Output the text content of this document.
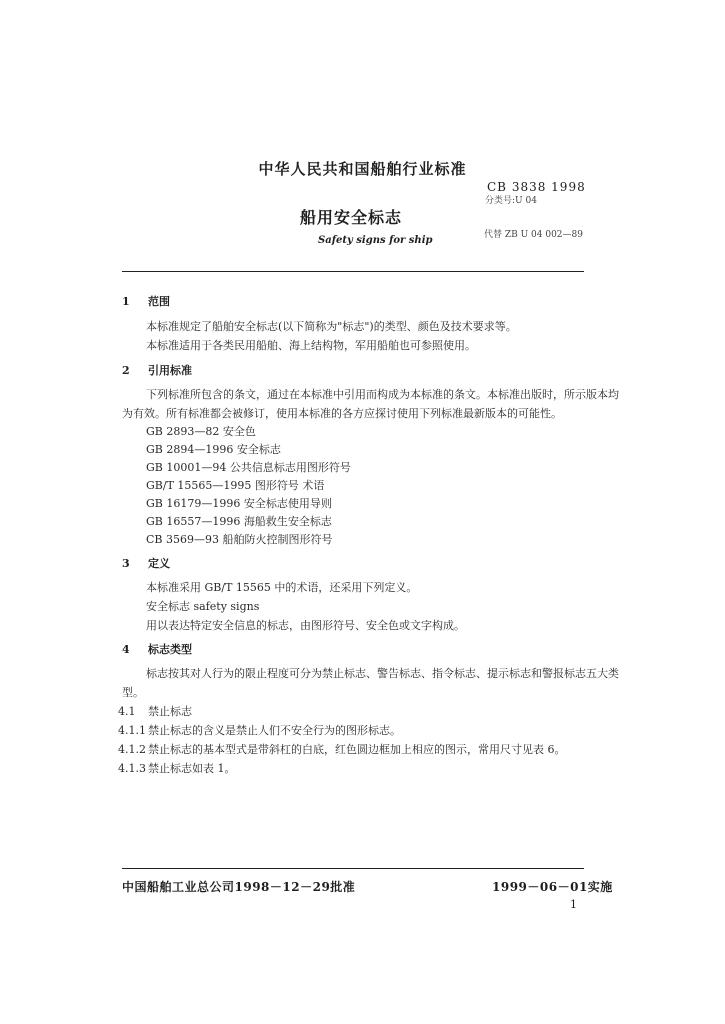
中华人民共和国船舶行业标准
CB 3838 1998
分类号:U 04
船用安全标志
代替 ZB U 04 002—89
Safety signs for ship
1 范围
本标准规定了船舶安全标志(以下简称为"标志")的类型、颜色及技术要求等。
本标准适用于各类民用船舶、海上结构物，军用船舶也可参照使用。
2 引用标准
下列标准所包含的条文，通过在本标准中引用而构成为本标准的条文。本标准出版时，所示版本均
为有效。所有标准都会被修订，使用本标准的各方应探讨使用下列标准最新版本的可能性。
GB 2893—82 安全色
GB 2894—1996 安全标志
GB 10001—94 公共信息标志用图形符号
GB/T 15565—1995 图形符号 术语
GB 16179—1996 安全标志使用导则
GB 16557—1996 海船救生安全标志
CB 3569—93 船舶防火控制图形符号
3 定义
本标准采用 GB/T 15565 中的术语，还采用下列定义。
安全标志 safety signs
用以表达特定安全信息的标志，由图形符号、安全色或文字构成。
4 标志类型
标志按其对人行为的限止程度可分为禁止标志、警告标志、指令标志、提示标志和警报标志五大类
型。
4.1 禁止标志
4.1.1 禁止标志的含义是禁止人们不安全行为的图形标志。
4.1.2 禁止标志的基本型式是带斜杠的白底，红色圆边框加上相应的图示，常用尺寸见表 6。
4.1.3 禁止标志如表 1。
中国船舶工业总公司1998－12－29批准	1999－06－01实施
1
